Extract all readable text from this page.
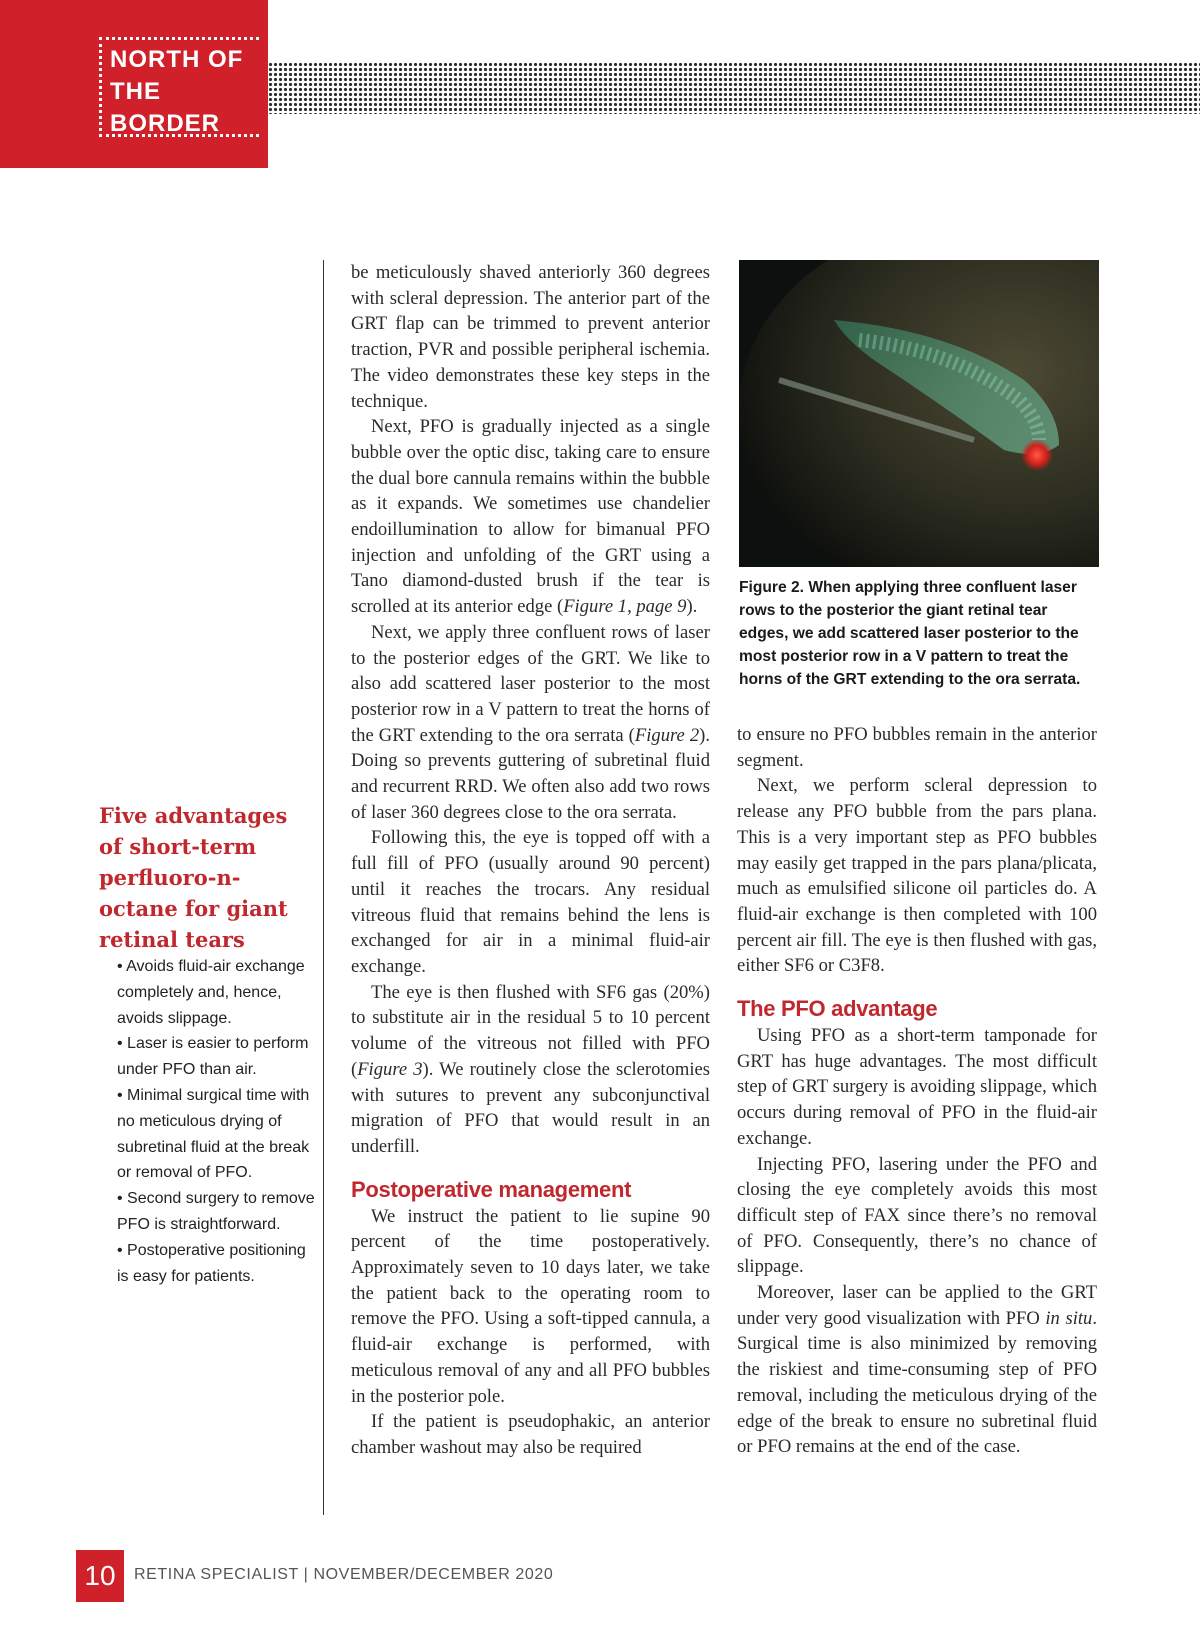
NORTH OF
THE BORDER
Five advantages of short-term perfluoro-n-octane for giant retinal tears
• Avoids fluid-air exchange completely and, hence, avoids slippage.
• Laser is easier to perform under PFO than air.
• Minimal surgical time with no meticulous drying of subretinal fluid at the break or removal of PFO.
• Second surgery to remove PFO is straightforward.
• Postoperative positioning is easy for patients.

be meticulously shaved anteriorly 360 degrees with scleral depression. The anterior part of the GRT flap can be trimmed to prevent anterior traction, PVR and possible peripheral ischemia. The video demonstrates these key steps in the technique.

Next, PFO is gradually injected as a single bubble over the optic disc, taking care to ensure the dual bore cannula remains within the bubble as it expands. We sometimes use chandelier endoillumination to allow for bimanual PFO injection and unfolding of the GRT using a Tano diamond-dusted brush if the tear is scrolled at its anterior edge (Figure 1, page 9).

Next, we apply three confluent rows of laser to the posterior edges of the GRT. We like to also add scattered laser posterior to the most posterior row in a V pattern to treat the horns of the GRT extending to the ora serrata (Figure 2). Doing so prevents guttering of subretinal fluid and recurrent RRD. We often also add two rows of laser 360 degrees close to the ora serrata.

Following this, the eye is topped off with a full fill of PFO (usually around 90 percent) until it reaches the trocars. Any residual vitreous fluid that remains behind the lens is exchanged for air in a minimal fluid-air exchange.

The eye is then flushed with SF6 gas (20%) to substitute air in the residual 5 to 10 percent volume of the vitreous not filled with PFO (Figure 3). We routinely close the sclerotomies with sutures to prevent any subconjunctival migration of PFO that would result in an underfill.

Postoperative management

We instruct the patient to lie supine 90 percent of the time postoperatively. Approximately seven to 10 days later, we take the patient back to the operating room to remove the PFO. Using a soft-tipped cannula, a fluid-air exchange is performed, with meticulous removal of any and all PFO bubbles in the posterior pole.

If the patient is pseudophakic, an anterior chamber washout may also be required

Figure 2. When applying three confluent laser rows to the posterior the giant retinal tear edges, we add scattered laser posterior to the most posterior row in a V pattern to treat the horns of the GRT extending to the ora serrata.

to ensure no PFO bubbles remain in the anterior segment.

Next, we perform scleral depression to release any PFO bubble from the pars plana. This is a very important step as PFO bubbles may easily get trapped in the pars plana/plicata, much as emulsified silicone oil particles do. A fluid-air exchange is then completed with 100 percent air fill. The eye is then flushed with gas, either SF6 or C3F8.

The PFO advantage

Using PFO as a short-term tamponade for GRT has huge advantages. The most difficult step of GRT surgery is avoiding slippage, which occurs during removal of PFO in the fluid-air exchange.

Injecting PFO, lasering under the PFO and closing the eye completely avoids this most difficult step of FAX since there’s no removal of PFO. Consequently, there’s no chance of slippage.

Moreover, laser can be applied to the GRT under very good visualization with PFO in situ. Surgical time is also minimized by removing the riskiest and time-consuming step of PFO removal, including the meticulous drying of the edge of the break to ensure no subretinal fluid or PFO remains at the end of the case.

10	RETINA SPECIALIST | NOVEMBER/DECEMBER 2020
